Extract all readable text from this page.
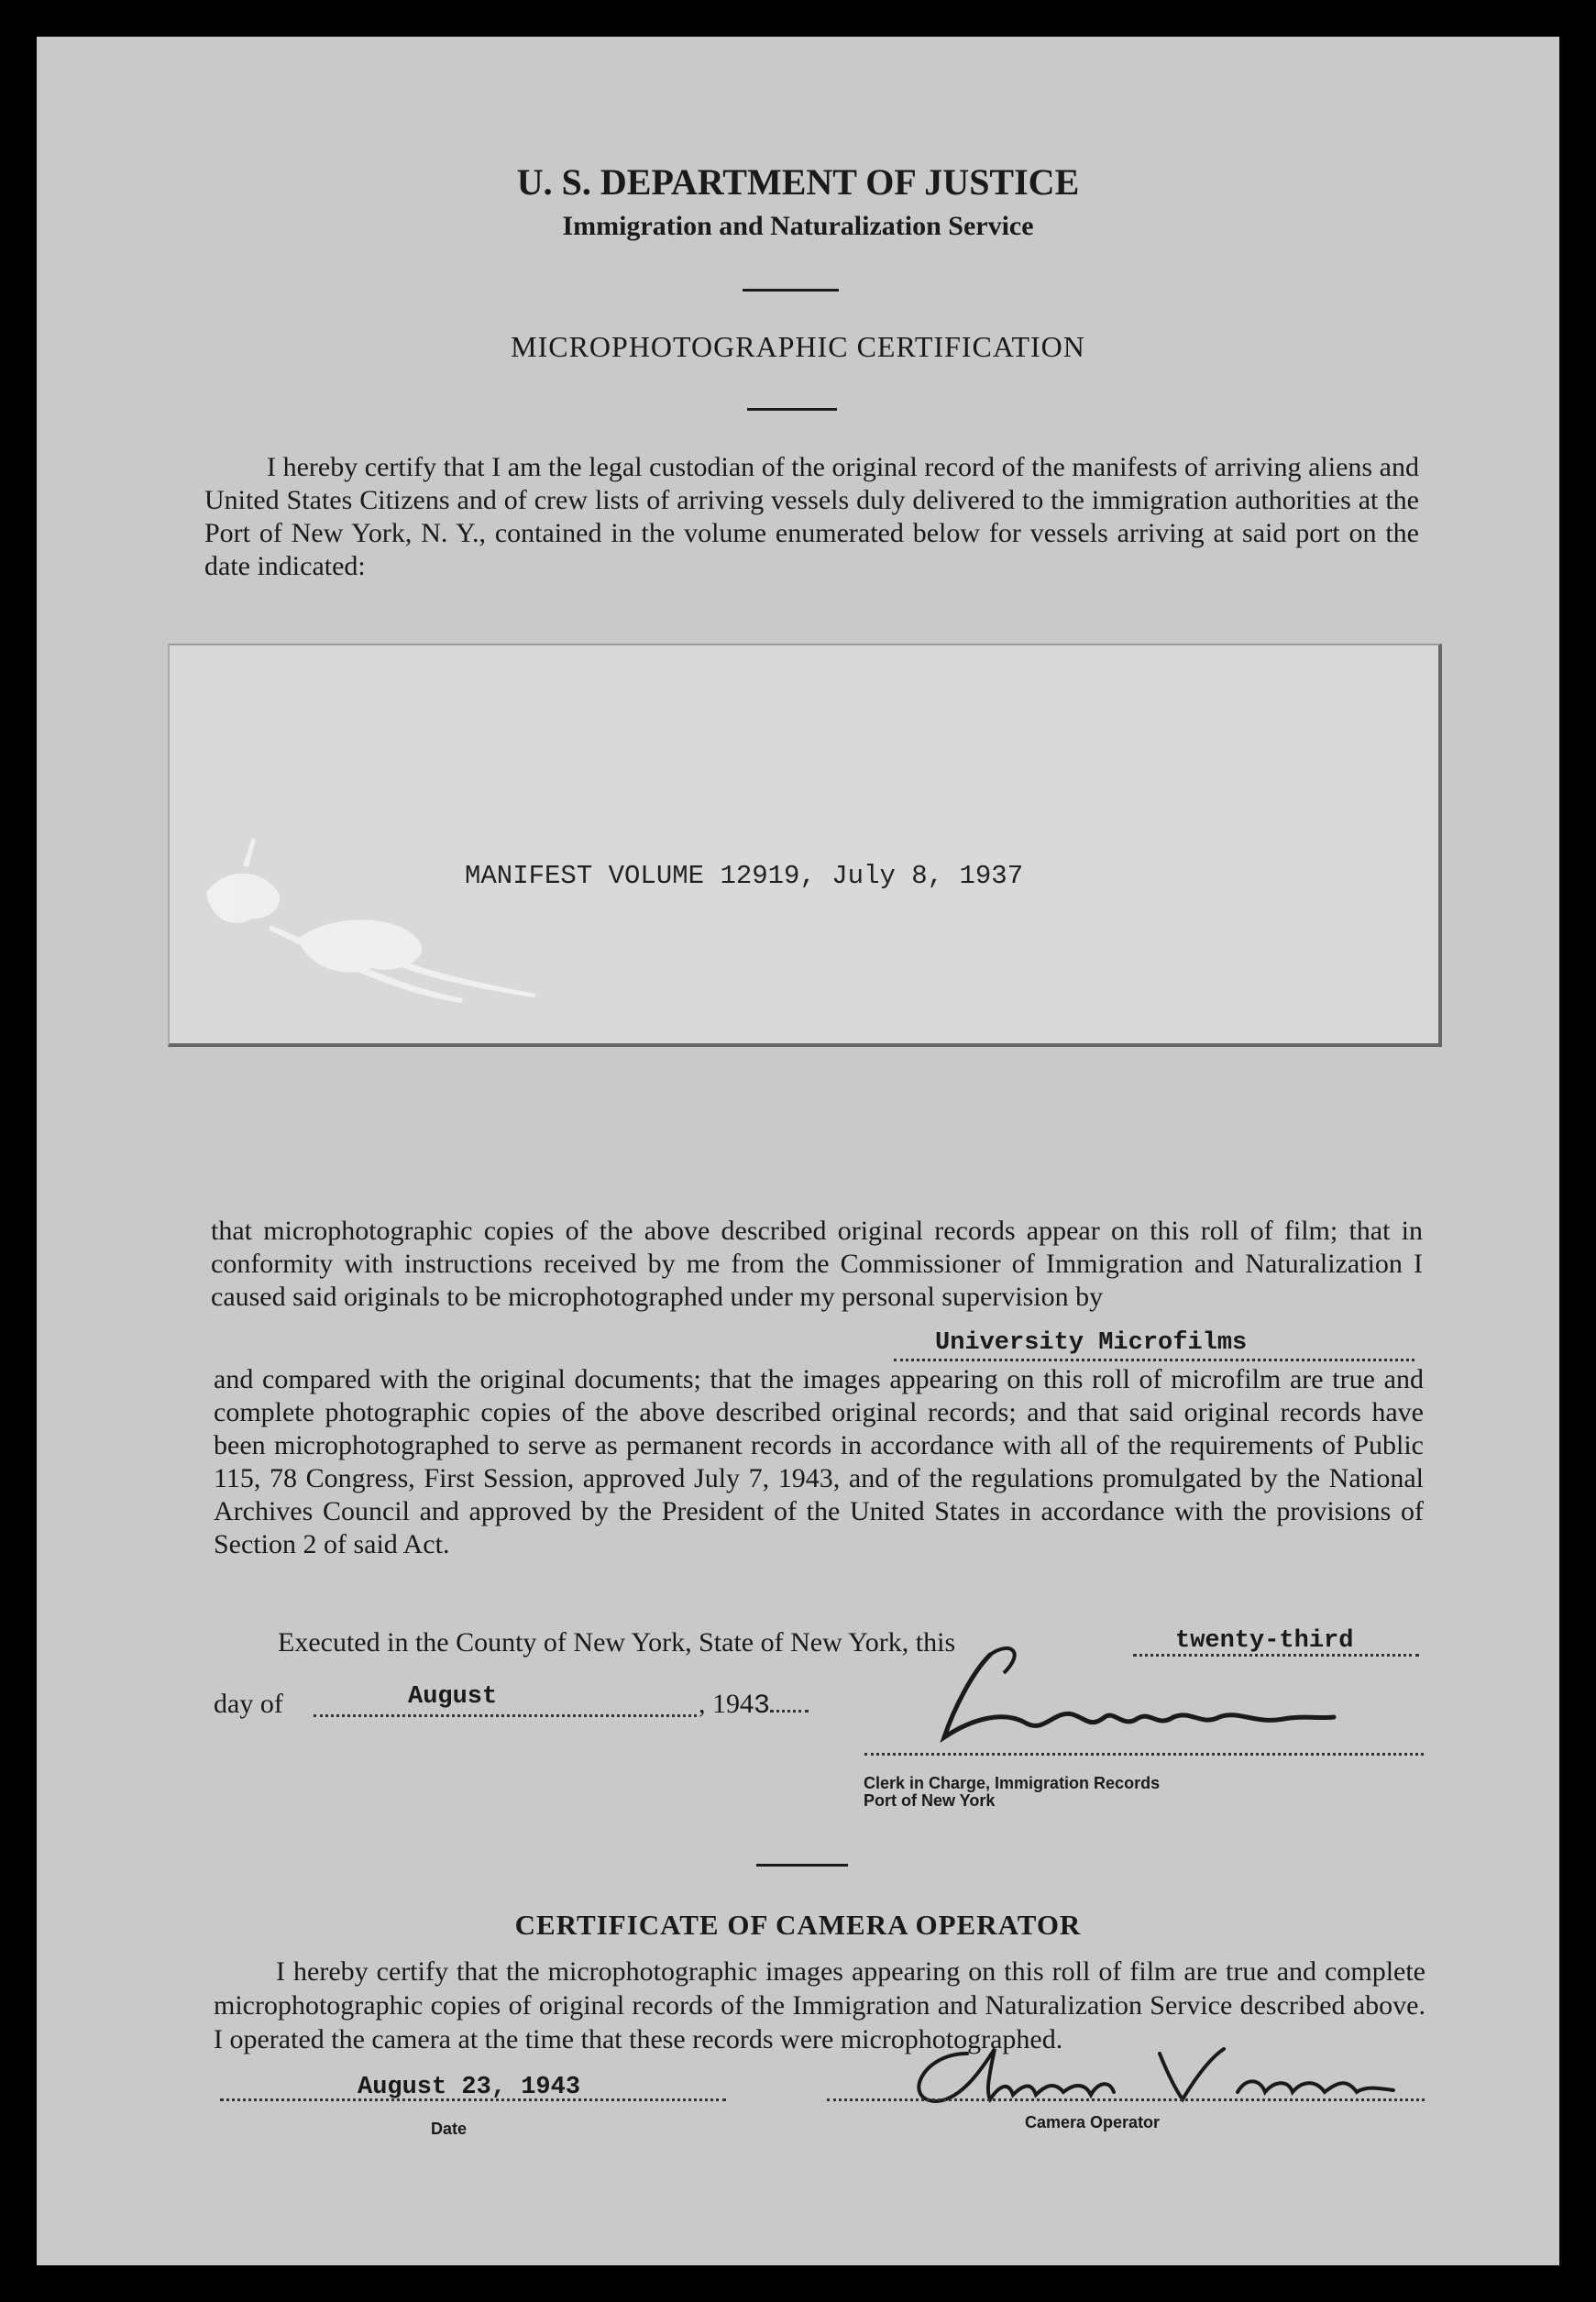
U. S. DEPARTMENT OF JUSTICE
Immigration and Naturalization Service
MICROPHOTOGRAPHIC CERTIFICATION

I hereby certify that I am the legal custodian of the original record of the manifests of arriving aliens and United States Citizens and of crew lists of arriving vessels duly delivered to the immigration authorities at the Port of New York, N. Y., contained in the volume enumerated below for vessels arriving at said port on the date indicated:

MANIFEST VOLUME 12919, July 8, 1937

that microphotographic copies of the above described original records appear on this roll of film; that in conformity with instructions received by me from the Commissioner of Immigration and Naturalization I caused said originals to be microphotographed under my personal supervision by

University Microfilms

and compared with the original documents; that the images appearing on this roll of microfilm are true and complete photographic copies of the above described original records; and that said original records have been microphotographed to serve as permanent records in accordance with all of the requirements of Public 115, 78 Congress, First Session, approved July 7, 1943, and of the regulations promulgated by the National Archives Council and approved by the President of the United States in accordance with the provisions of Section 2 of said Act.

Executed in the County of New York, State of New York, this	twenty-third
day of	August	, 1943
Clerk in Charge, Immigration Records
Port of New York
CERTIFICATE OF CAMERA OPERATOR

I hereby certify that the microphotographic images appearing on this roll of film are true and complete microphotographic copies of original records of the Immigration and Naturalization Service described above. I operated the camera at the time that these records were microphotographed.

August 23, 1943
Date	Camera Operator
